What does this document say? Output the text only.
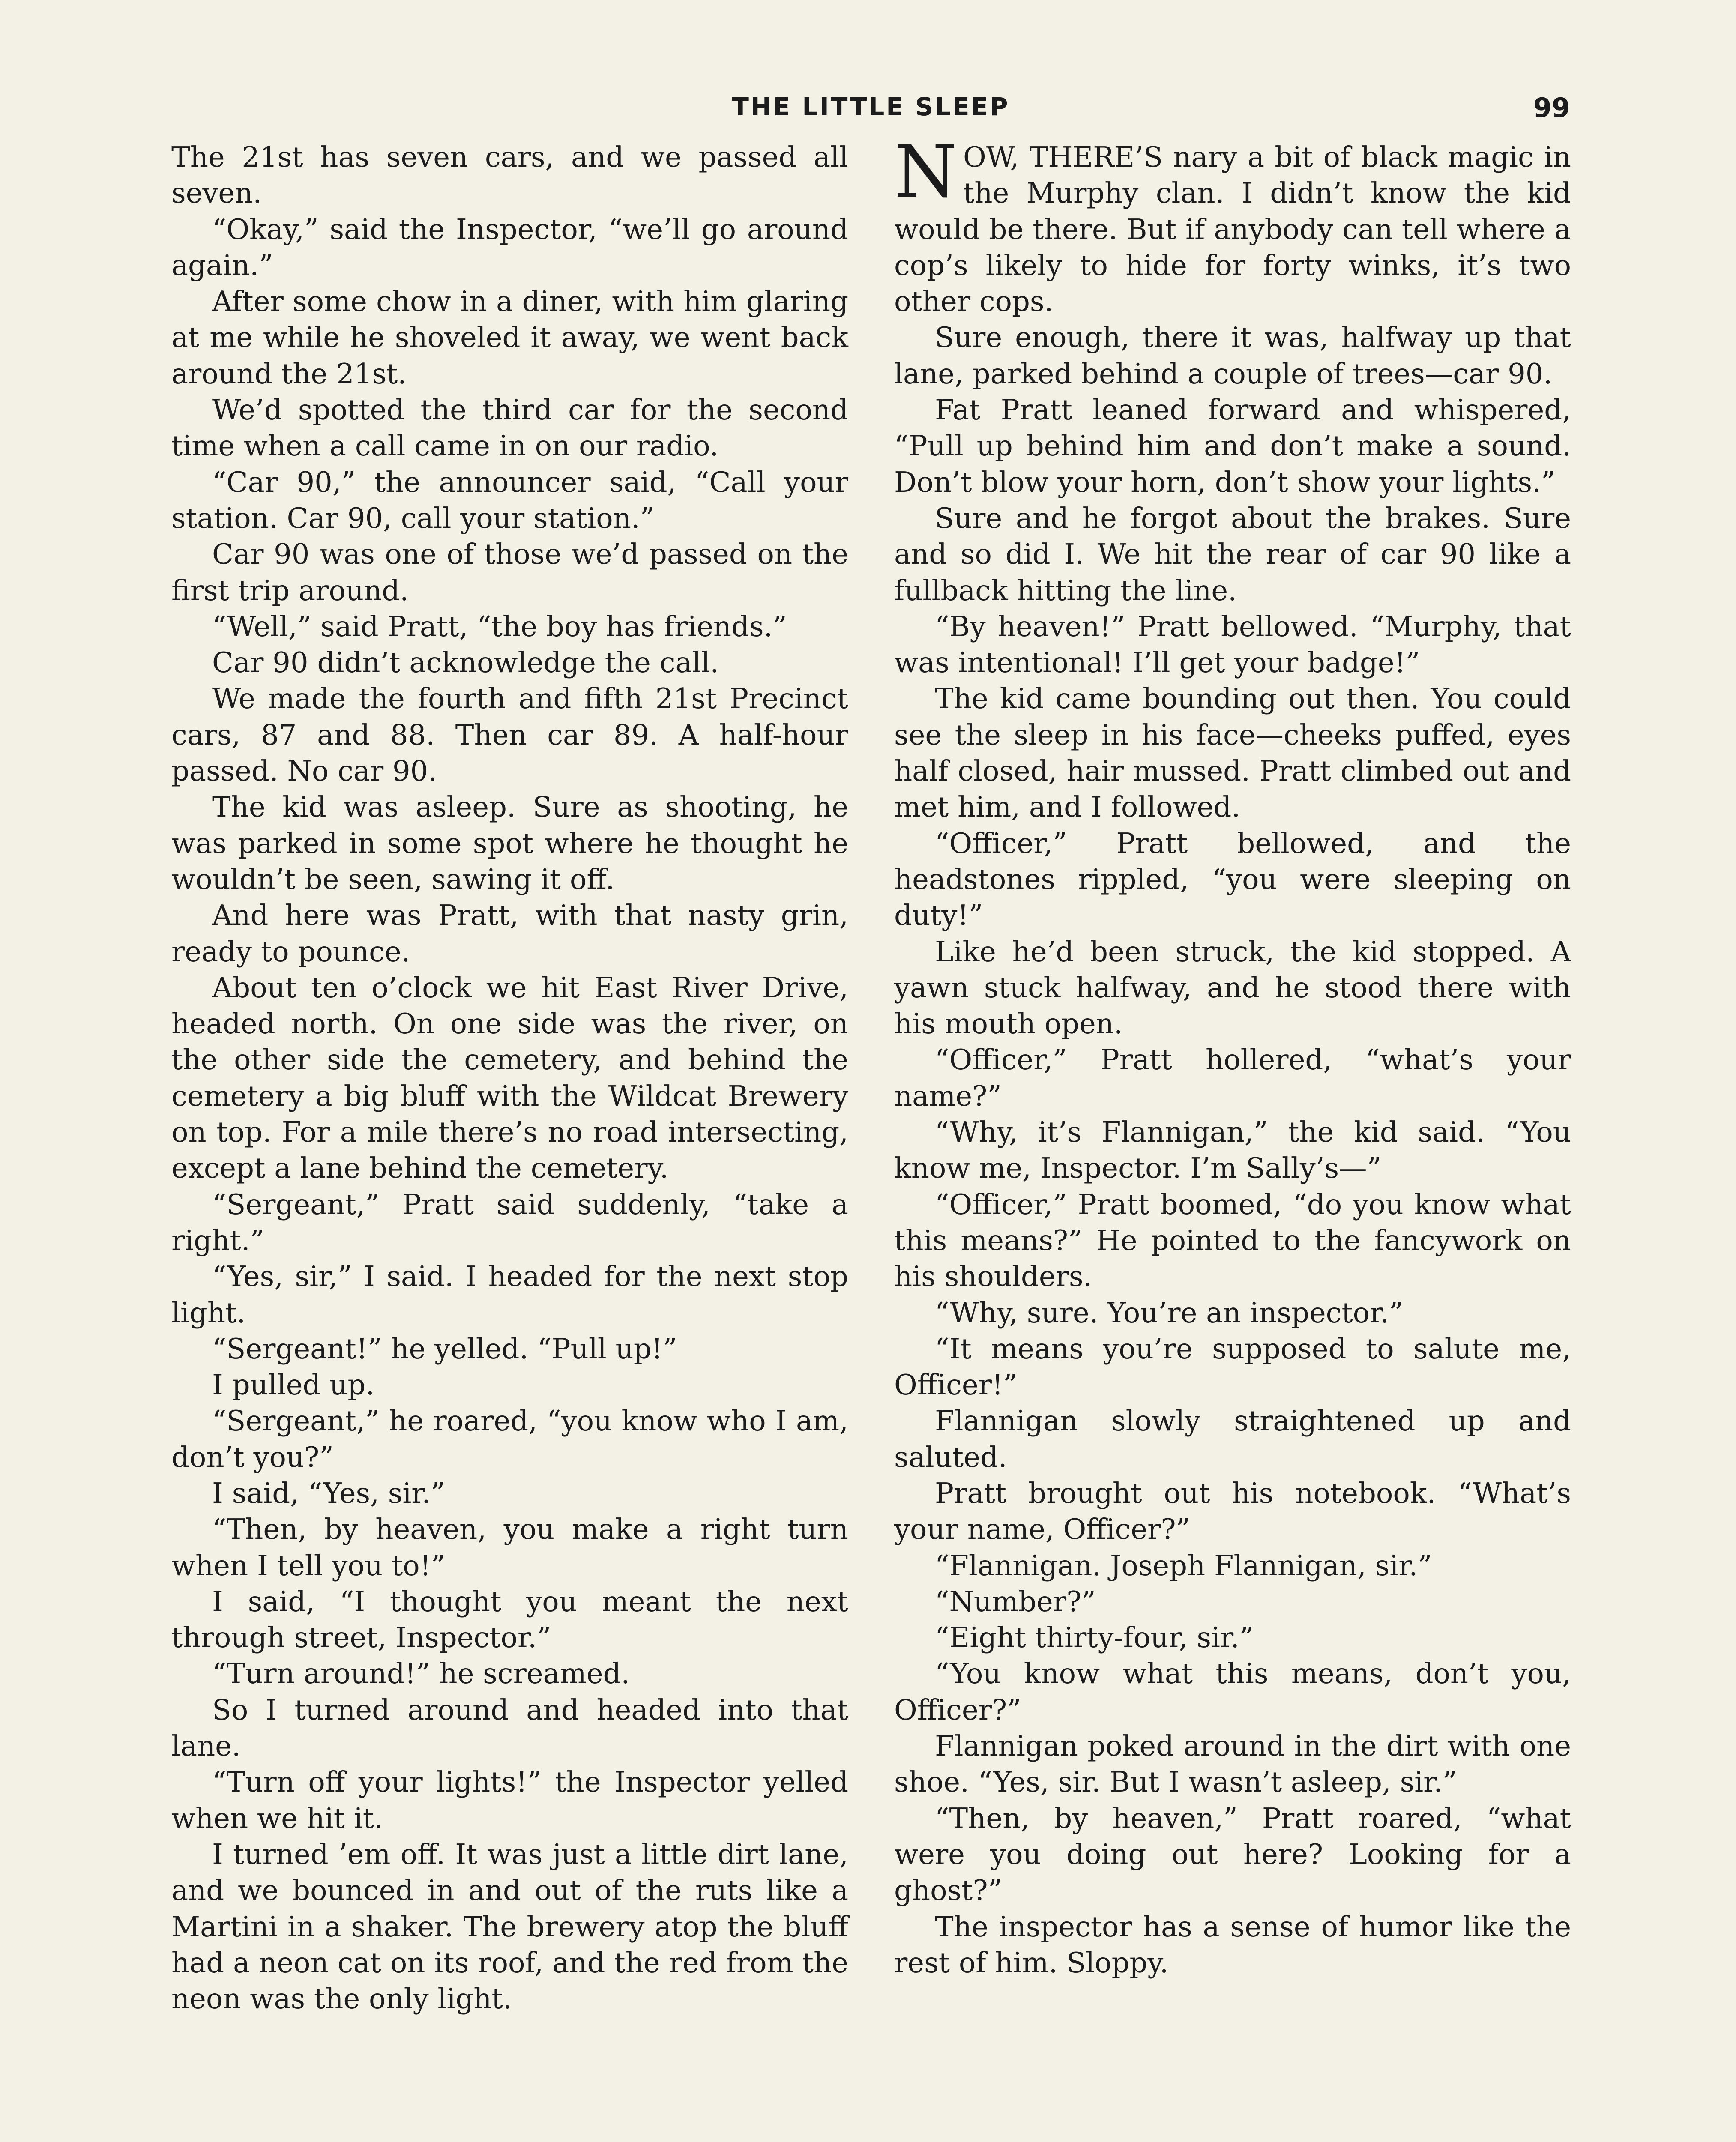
THE LITTLE SLEEP	99

The 21st has seven cars, and we passed all seven.

“Okay,” said the Inspector, “we’ll go around again.”

After some chow in a diner, with him glaring at me while he shoveled it away, we went back around the 21st.

We’d spotted the third car for the second time when a call came in on our radio.

“Car 90,” the announcer said, “Call your station. Car 90, call your station.”

Car 90 was one of those we’d passed on the first trip around.

“Well,” said Pratt, “the boy has friends.”

Car 90 didn’t acknowledge the call.

We made the fourth and fifth 21st Precinct cars, 87 and 88. Then car 89. A half-hour passed. No car 90.

The kid was asleep. Sure as shooting, he was parked in some spot where he thought he wouldn’t be seen, sawing it off.

And here was Pratt, with that nasty grin, ready to pounce.

About ten o’clock we hit East River Drive, headed north. On one side was the river, on the other side the cemetery, and behind the cemetery a big bluff with the Wildcat Brewery on top. For a mile there’s no road intersecting, except a lane behind the cemetery.

“Sergeant,” Pratt said suddenly, “take a right.”

“Yes, sir,” I said. I headed for the next stop light.

“Sergeant!” he yelled. “Pull up!”

I pulled up.

“Sergeant,” he roared, “you know who I am, don’t you?”

I said, “Yes, sir.”

“Then, by heaven, you make a right turn when I tell you to!”

I said, “I thought you meant the next through street, Inspector.”

“Turn around!” he screamed.

So I turned around and headed into that lane.

“Turn off your lights!” the Inspector yelled when we hit it.

I turned ’em off. It was just a little dirt lane, and we bounced in and out of the ruts like a Martini in a shaker. The brewery atop the bluff had a neon cat on its roof, and the red from the neon was the only light.

NOW, THERE’S nary a bit of black magic in the Murphy clan. I didn’t know the kid would be there. But if anybody can tell where a cop’s likely to hide for forty winks, it’s two other cops.

Sure enough, there it was, halfway up that lane, parked behind a couple of trees—car 90.

Fat Pratt leaned forward and whispered, “Pull up behind him and don’t make a sound. Don’t blow your horn, don’t show your lights.”

Sure and he forgot about the brakes. Sure and so did I. We hit the rear of car 90 like a fullback hitting the line.

“By heaven!” Pratt bellowed. “Murphy, that was intentional! I’ll get your badge!”

The kid came bounding out then. You could see the sleep in his face—cheeks puffed, eyes half closed, hair mussed. Pratt climbed out and met him, and I followed.

“Officer,” Pratt bellowed, and the headstones rippled, “you were sleeping on duty!”

Like he’d been struck, the kid stopped. A yawn stuck halfway, and he stood there with his mouth open.

“Officer,” Pratt hollered, “what’s your name?”

“Why, it’s Flannigan,” the kid said. “You know me, Inspector. I’m Sally’s—”

“Officer,” Pratt boomed, “do you know what this means?” He pointed to the fancywork on his shoulders.

“Why, sure. You’re an inspector.”

“It means you’re supposed to salute me, Officer!”

Flannigan slowly straightened up and saluted.

Pratt brought out his notebook. “What’s your name, Officer?”

“Flannigan. Joseph Flannigan, sir.”

“Number?”

“Eight thirty-four, sir.”

“You know what this means, don’t you, Officer?”

Flannigan poked around in the dirt with one shoe. “Yes, sir. But I wasn’t asleep, sir.”

“Then, by heaven,” Pratt roared, “what were you doing out here? Looking for a ghost?”

The inspector has a sense of humor like the rest of him. Sloppy.
